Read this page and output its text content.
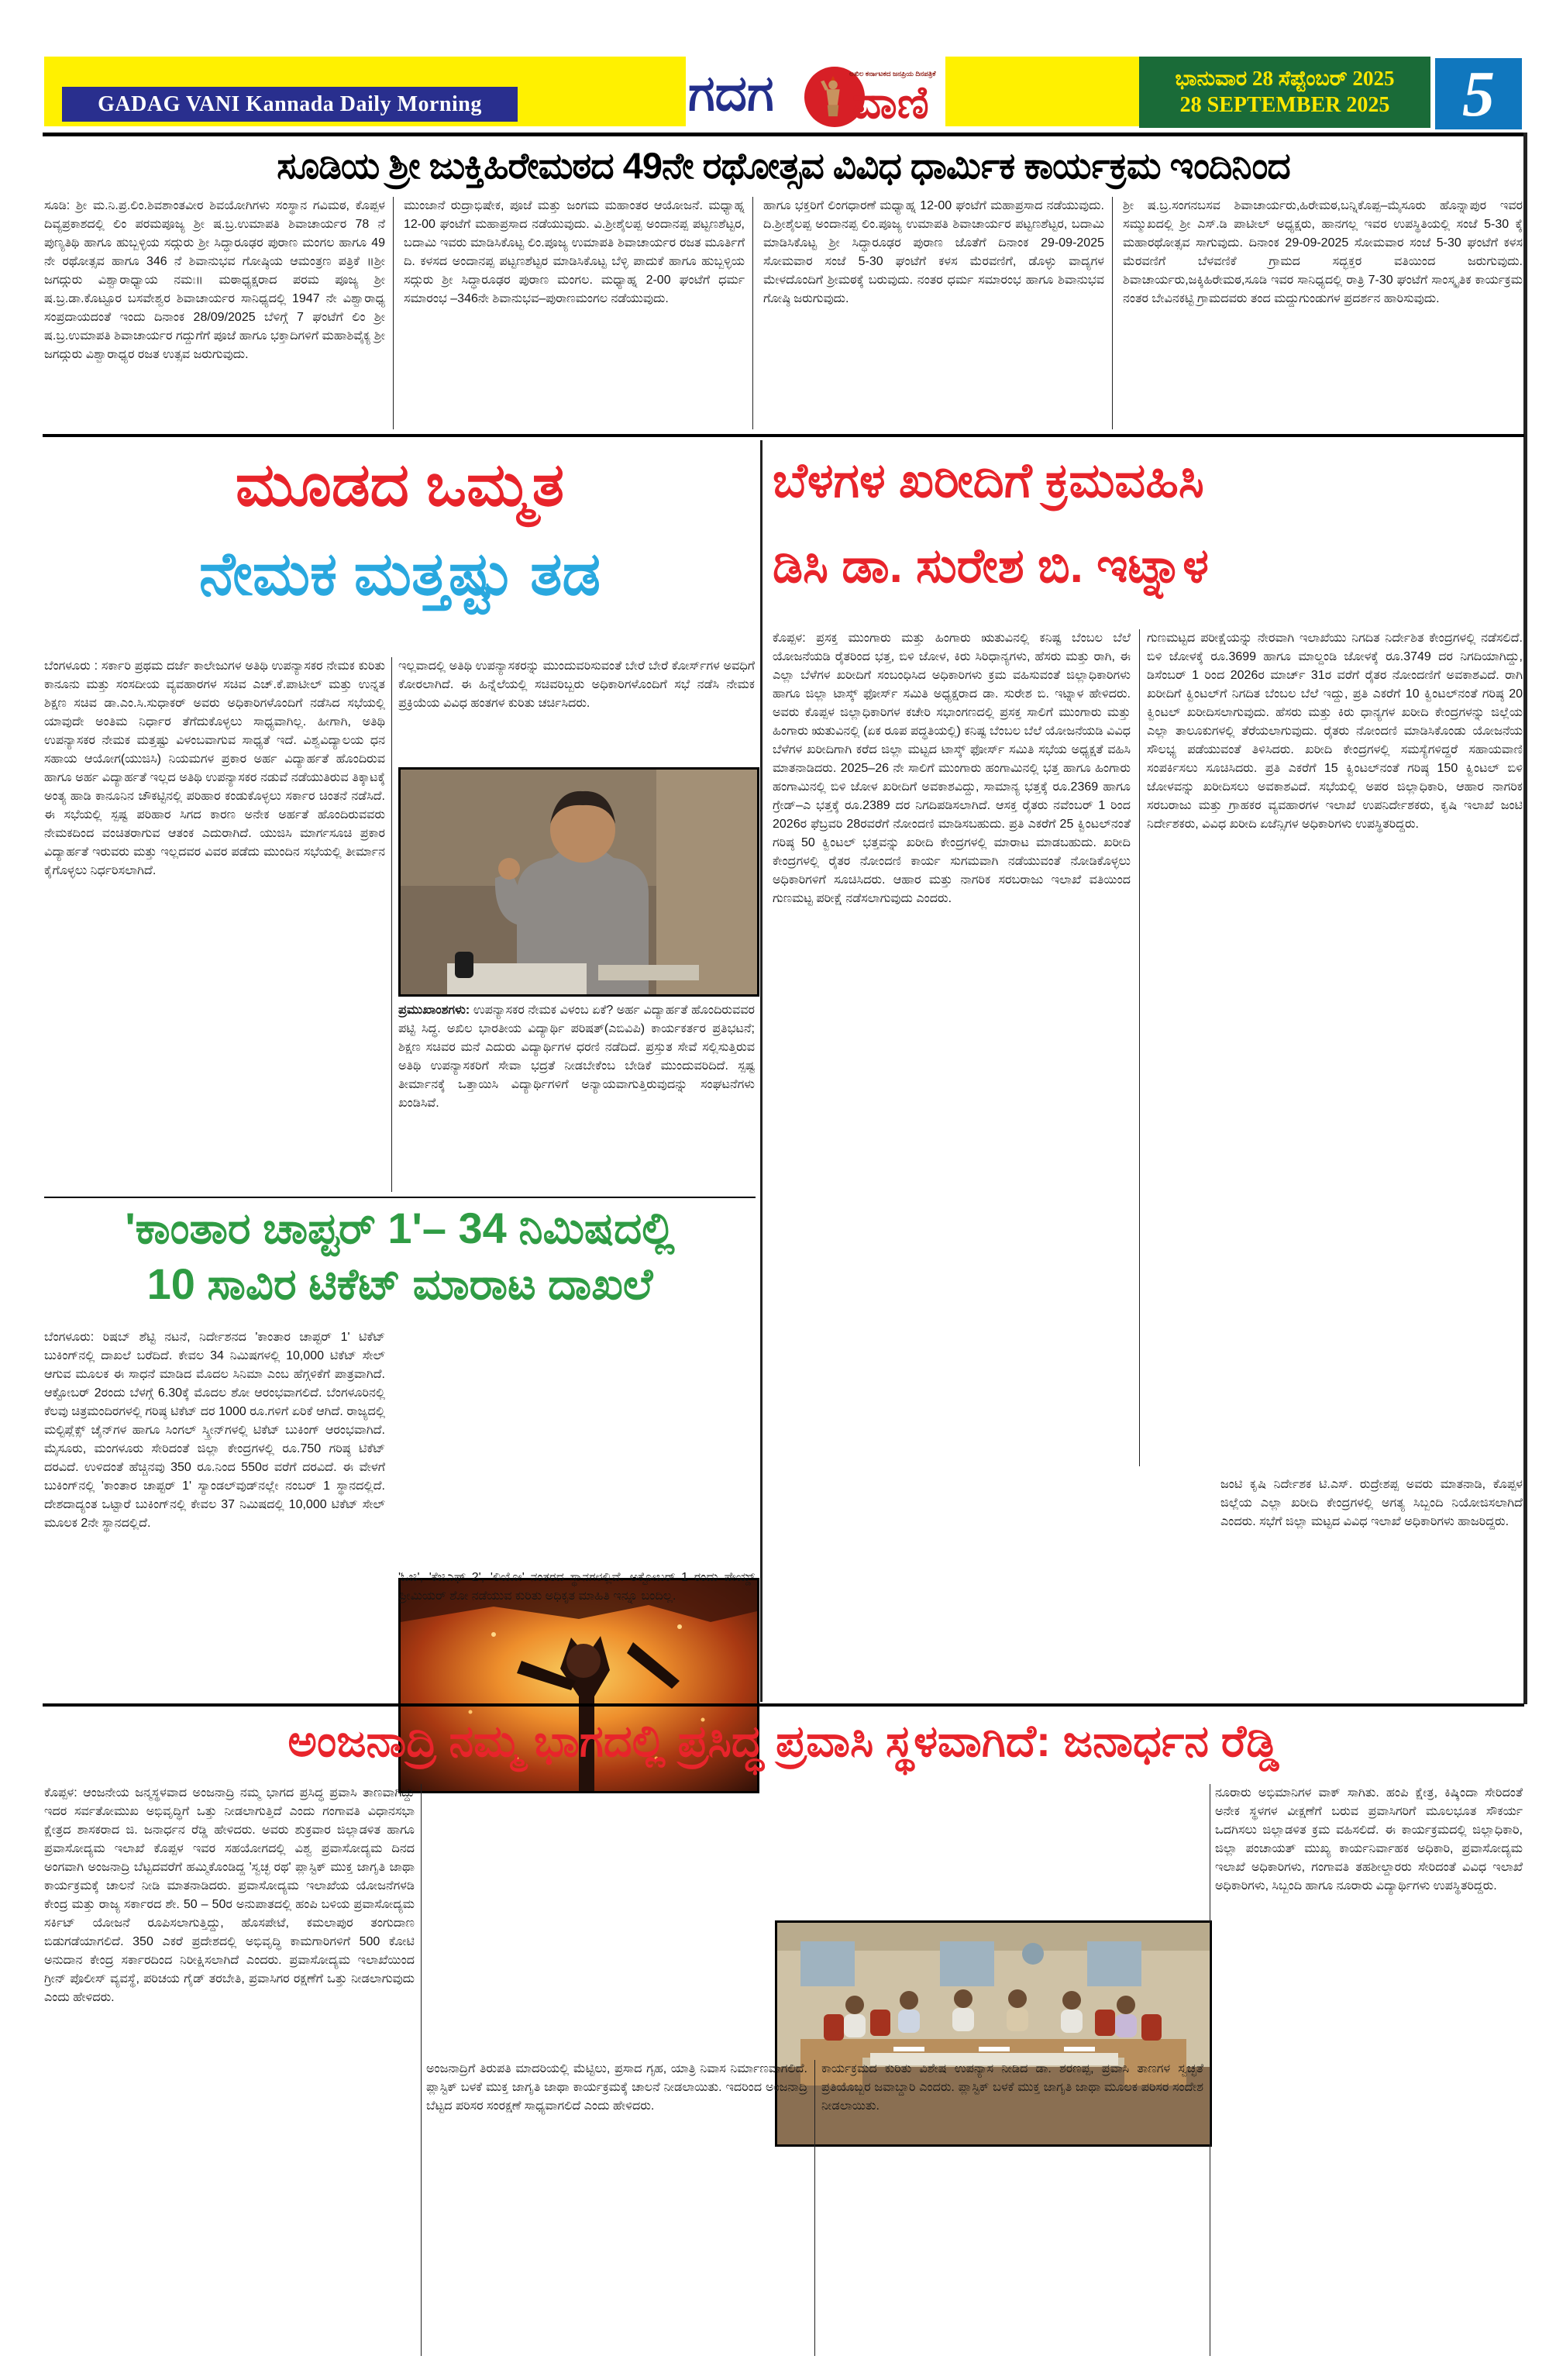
GADAG VANI Kannada Daily Morning	ಗದಗ	ಅಖಿಲ ಕರ್ನಾಟಕದ ಜನಪ್ರಿಯ ದಿನಪತ್ರಿಕೆ
ವಾಣಿ	ಭಾನುವಾರ 28 ಸೆಪ್ಟೆಂಬರ್ 2025
28 SEPTEMBER 2025 5
ಸೂಡಿಯ ಶ್ರೀ ಜುಕ್ತಿಹಿರೇಮಠದ 49ನೇ ರಥೋತ್ಸವ ವಿವಿಧ ಧಾರ್ಮಿಕ ಕಾರ್ಯಕ್ರಮ ಇಂದಿನಿಂದ
ಸೂಡಿ: ಶ್ರೀ ಮ.ನಿ.ಪ್ರ.ಲಿಂ.ಶಿವಶಾಂತವೀರ ಶಿವಯೋಗಿಗಳು ಸಂಸ್ಥಾನ ಗವಿಮಠ, ಕೊಪ್ಪಳ ದಿವ್ಯಪ್ರಕಾಶದಲ್ಲಿ ಲಿಂ ಪರಮಪೂಜ್ಯ ಶ್ರೀ ಷ.ಬ್ರ.ಉಮಾಪತಿ ಶಿವಾಚಾರ್ಯರ 78 ನೆ ಪುಣ್ಯತಿಥಿ ಹಾಗೂ ಹುಬ್ಬಳ್ಳಿಯ ಸದ್ಗುರು ಶ್ರೀ ಸಿದ್ಧಾರೂಢರ ಪುರಾಣ ಮಂಗಲ ಹಾಗೂ 49 ನೇ ರಥೋತ್ಸವ ಹಾಗೂ 346 ನೆ ಶಿವಾನುಭವ ಗೋಷ್ಠಿಯ ಆಮಂತ್ರಣ ಪತ್ರಿಕೆ ॥ಶ್ರೀ ಜಗದ್ಗುರು ವಿಶ್ವಾರಾಧ್ಯಾಯ ನಮಃ॥ ಮಠಾಧ್ಯಕ್ಷರಾದ ಪರಮ ಪೂಜ್ಯ ಶ್ರೀ ಷ.ಬ್ರ.ಡಾ.ಕೊಟ್ಟೂರ ಬಸವೇಶ್ವರ ಶಿವಾಚಾರ್ಯರ ಸಾನಿಧ್ಯದಲ್ಲಿ 1947 ನೇ ವಿಶ್ವಾರಾಧ್ಯ ಸಂಪ್ರದಾಯದಂತೆ ಇಂದು ದಿನಾಂಕ 28/09/2025 ಬೆಳಿಗ್ಗೆ 7 ಘಂಟೆಗೆ ಲಿಂ ಶ್ರೀ ಷ.ಬ್ರ.ಉಮಾಪತಿ ಶಿವಾಚಾರ್ಯರ ಗದ್ದುಗೆಗೆ ಪೂಜೆ ಹಾಗೂ ಭಕ್ತಾದಿಗಳಿಗೆ ಮಹಾಶಿವೈಕ್ಯ ಶ್ರೀ ಜಗದ್ಗುರು ವಿಶ್ವಾರಾಧ್ಯರ ರಜತ ಉತ್ಸವ ಜರುಗುವುದು.
ಮುಂಜಾನೆ ರುದ್ರಾಭಿಷೇಕ, ಪೂಜೆ ಮತ್ತು ಜಂಗಮ ಮಹಾಂತರ ಆಯೋಜನೆ. ಮಧ್ಯಾಹ್ನ 12-00 ಘಂಟೆಗೆ ಮಹಾಪ್ರಸಾದ ನಡೆಯುವುದು. ವಿ.ಶ್ರೀಶೈಲಪ್ಪ ಅಂದಾನಪ್ಪ ಪಟ್ಟಣಶೆಟ್ಟರ, ಬದಾಮಿ ಇವರು ಮಾಡಿಸಿಕೊಟ್ಟ ಲಿಂ.ಪೂಜ್ಯ ಉಮಾಪತಿ ಶಿವಾಚಾರ್ಯರ ರಜತ ಮೂರ್ತಿಗೆ ದಿ. ಕಳಸದ ಅಂದಾನಪ್ಪ ಪಟ್ಟಣಶೆಟ್ಟರ ಮಾಡಿಸಿಕೊಟ್ಟ ಬೆಳ್ಳಿ ಪಾದುಕೆ ಹಾಗೂ ಹುಬ್ಬಳ್ಳಿಯ ಸದ್ಗುರು ಶ್ರೀ ಸಿದ್ಧಾರೂಢರ ಪುರಾಣ ಮಂಗಲ. ಮಧ್ಯಾಹ್ನ 2-00 ಘಂಟೆಗೆ ಧರ್ಮ ಸಮಾರಂಭ –346ನೇ ಶಿವಾನುಭವ–ಪುರಾಣಮಂಗಲ ನಡೆಯುವುದು.
ಹಾಗೂ ಭಕ್ತರಿಗೆ ಲಿಂಗಧಾರಣೆ ಮಧ್ಯಾಹ್ನ 12-00 ಘಂಟೆಗೆ ಮಹಾಪ್ರಸಾದ ನಡೆಯುವುದು. ದಿ.ಶ್ರೀಶೈಲಪ್ಪ ಅಂದಾನಪ್ಪ ಲಿಂ.ಪೂಜ್ಯ ಉಮಾಪತಿ ಶಿವಾಚಾರ್ಯರ ಪಟ್ಟಣಶೆಟ್ಟರ, ಬದಾಮಿ ಮಾಡಿಸಿಕೊಟ್ಟ ಶ್ರೀ ಸಿದ್ಧಾರೂಢರ ಪುರಾಣ ಜೊತೆಗೆ ದಿನಾಂಕ 29-09-2025 ಸೋಮವಾರ ಸಂಜೆ 5-30 ಘಂಟೆಗೆ ಕಳಸ ಮೆರವಣಿಗೆ, ಡೊಳ್ಳು ವಾದ್ಯಗಳ ಮೇಳದೊಂದಿಗೆ ಶ್ರೀಮಠಕ್ಕೆ ಬರುವುದು. ನಂತರ ಧರ್ಮ ಸಮಾರಂಭ ಹಾಗೂ ಶಿವಾನುಭವ ಗೋಷ್ಠಿ ಜರುಗುವುದು.
ಶ್ರೀ ಷ.ಬ್ರ.ಸಂಗನಬಸವ ಶಿವಾಚಾರ್ಯರು,ಹಿರೇಮಠ,ಬನ್ನಿಕೊಪ್ಪ–ಮೈಸೂರು ಹೊನ್ನಾಪುರ ಇವರ ಸಮ್ಮುಖದಲ್ಲಿ ಶ್ರೀ ಎಸ್.ಡಿ ಪಾಟೀಲ್ ಅಧ್ಯಕ್ಷರು, ಹಾನಗಲ್ಲ ಇವರ ಉಪಸ್ಥಿತಿಯಲ್ಲಿ ಸಂಜೆ 5-30 ಕ್ಕೆ ಮಹಾರಥೋತ್ಸವ ಸಾಗುವುದು. ದಿನಾಂಕ 29-09-2025 ಸೋಮವಾರ ಸಂಜೆ 5-30 ಘಂಟೆಗೆ ಕಳಸ ಮೆರವಣಿಗೆ ಬೆಳವಣಿಕೆ ಗ್ರಾಮದ ಸದ್ಭಕ್ತರ ವತಿಯಿಂದ ಜರುಗುವುದು. ಶಿವಾಚಾರ್ಯರು,ಜಕ್ಕಿಹಿರೇಮಠ,ಸೂಡಿ ಇವರ ಸಾನಿಧ್ಯದಲ್ಲಿ ರಾತ್ರಿ 7-30 ಘಂಟೆಗೆ ಸಾಂಸ್ಕೃತಿಕ ಕಾರ್ಯಕ್ರಮ ನಂತರ ಬೇವಿನಕಟ್ಟಿ ಗ್ರಾಮದವರು ತಂದ ಮದ್ದುಗುಂಡುಗಳ ಪ್ರದರ್ಶನ ಹಾರಿಸುವುದು.
ಮೂಡದ ಒಮ್ಮತ
ನೇಮಕ ಮತ್ತಷ್ಟು ತಡ
ಬೆಂಗಳೂರು : ಸರ್ಕಾರಿ ಪ್ರಥಮ ದರ್ಜೆ ಕಾಲೇಜುಗಳ ಅತಿಥಿ ಉಪನ್ಯಾಸಕರ ನೇಮಕ ಕುರಿತು ಕಾನೂನು ಮತ್ತು ಸಂಸದೀಯ ವ್ಯವಹಾರಗಳ ಸಚಿವ ಎಚ್.ಕೆ.ಪಾಟೀಲ್ ಮತ್ತು ಉನ್ನತ ಶಿಕ್ಷಣ ಸಚಿವ ಡಾ.ಎಂ.ಸಿ.ಸುಧಾಕರ್ ಅವರು ಅಧಿಕಾರಿಗಳೊಂದಿಗೆ ನಡೆಸಿದ ಸಭೆಯಲ್ಲಿ ಯಾವುದೇ ಅಂತಿಮ ನಿರ್ಧಾರ ತೆಗೆದುಕೊಳ್ಳಲು ಸಾಧ್ಯವಾಗಿಲ್ಲ. ಹೀಗಾಗಿ, ಅತಿಥಿ ಉಪನ್ಯಾಸಕರ ನೇಮಕ ಮತ್ತಷ್ಟು ವಿಳಂಬವಾಗುವ ಸಾಧ್ಯತೆ ಇದೆ. ವಿಶ್ವವಿದ್ಯಾಲಯ ಧನ ಸಹಾಯ ಆಯೋಗ(ಯುಜಿಸಿ) ನಿಯಮಗಳ ಪ್ರಕಾರ ಅರ್ಹ ವಿದ್ಯಾರ್ಹತೆ ಹೊಂದಿರುವ ಹಾಗೂ ಅರ್ಹ ವಿದ್ಯಾರ್ಹತೆ ಇಲ್ಲದ ಅತಿಥಿ ಉಪನ್ಯಾಸಕರ ನಡುವೆ ನಡೆಯುತಿರುವ ತಿಕ್ಕಾಟಕ್ಕೆ ಅಂತ್ಯ ಹಾಡಿ ಕಾನೂನಿನ ಚೌಕಟ್ಟಿನಲ್ಲಿ ಪರಿಹಾರ ಕಂಡುಕೊಳ್ಳಲು ಸರ್ಕಾರ ಚಿಂತನೆ ನಡೆಸಿದೆ. ಈ ಸಭೆಯಲ್ಲಿ ಸ್ಪಷ್ಟ ಪರಿಹಾರ ಸಿಗದ ಕಾರಣ ಅನೇಕ ಅರ್ಹತೆ ಹೊಂದಿರುವವರು ನೇಮಕದಿಂದ ವಂಚಿತರಾಗುವ ಆತಂಕ ಎದುರಾಗಿದೆ. ಯುಜಿಸಿ ಮಾರ್ಗಸೂಚಿ ಪ್ರಕಾರ ವಿದ್ಯಾರ್ಹತೆ ಇರುವರು ಮತ್ತು ಇಲ್ಲದವರ ವಿವರ ಪಡೆದು ಮುಂದಿನ ಸಭೆಯಲ್ಲಿ ತೀರ್ಮಾನ ಕೈಗೊಳ್ಳಲು ನಿರ್ಧರಿಸಲಾಗಿದೆ.
ಇಲ್ಲವಾದಲ್ಲಿ ಅತಿಥಿ ಉಪನ್ಯಾಸಕರನ್ನು ಮುಂದುವರಿಸುವಂತೆ ಬೇರೆ ಬೇರೆ ಕೋರ್ಸ್‌ಗಳ ಅವಧಿಗೆ ಕೋರಲಾಗಿದೆ. ಈ ಹಿನ್ನೆಲೆಯಲ್ಲಿ ಸಚಿವರಿಬ್ಬರು ಅಧಿಕಾರಿಗಳೊಂದಿಗೆ ಸಭೆ ನಡೆಸಿ ನೇಮಕ ಪ್ರಕ್ರಿಯೆಯ ವಿವಿಧ ಹಂತಗಳ ಕುರಿತು ಚರ್ಚಿಸಿದರು.
ಪ್ರಮುಖಾಂಶಗಳು: ಉಪನ್ಯಾಸಕರ ನೇಮಕ ವಿಳಂಬ ಏಕೆ? ಅರ್ಹ ವಿದ್ಯಾರ್ಹತೆ ಹೊಂದಿರುವವರ ಪಟ್ಟಿ ಸಿದ್ಧ. ಅಖಿಲ ಭಾರತೀಯ ವಿದ್ಯಾರ್ಥಿ ಪರಿಷತ್(ಎಬಿವಿಪಿ) ಕಾರ್ಯಕರ್ತರ ಪ್ರತಿಭಟನೆ; ಶಿಕ್ಷಣ ಸಚಿವರ ಮನೆ ಎದುರು ವಿದ್ಯಾರ್ಥಿಗಳ ಧರಣಿ ನಡೆದಿದೆ. ಪ್ರಸ್ತುತ ಸೇವೆ ಸಲ್ಲಿಸುತ್ತಿರುವ ಅತಿಥಿ ಉಪನ್ಯಾಸಕರಿಗೆ ಸೇವಾ ಭದ್ರತೆ ನೀಡಬೇಕೆಂಬ ಬೇಡಿಕೆ ಮುಂದುವರಿದಿದೆ. ಸ್ಪಷ್ಟ ತೀರ್ಮಾನಕ್ಕೆ ಒತ್ತಾಯಿಸಿ ವಿದ್ಯಾರ್ಥಿಗಳಿಗೆ ಅನ್ಯಾಯವಾಗುತ್ತಿರುವುದನ್ನು ಸಂಘಟನೆಗಳು ಖಂಡಿಸಿವೆ.
'ಕಾಂತಾರ ಚಾಪ್ಟರ್ 1'– 34 ನಿಮಿಷದಲ್ಲಿ
10 ಸಾವಿರ ಟಿಕೆಟ್ ಮಾರಾಟ ದಾಖಲೆ
ಬೆಂಗಳೂರು: ರಿಷಬ್ ಶೆಟ್ಟಿ ನಟನೆ, ನಿರ್ದೇಶನದ 'ಕಾಂತಾರ ಚಾಪ್ಟರ್ 1' ಟಿಕೆಟ್ ಬುಕಿಂಗ್‌ನಲ್ಲಿ ದಾಖಲೆ ಬರೆದಿದೆ. ಕೇವಲ 34 ನಿಮಿಷಗಳಲ್ಲಿ 10,000 ಟಿಕೆಟ್ ಸೇಲ್ ಆಗುವ ಮೂಲಕ ಈ ಸಾಧನೆ ಮಾಡಿದ ಮೊದಲ ಸಿನಿಮಾ ಎಂಬ ಹೆಗ್ಗಳಿಕೆಗೆ ಪಾತ್ರವಾಗಿದೆ. ಆಕ್ಟೋಬರ್ 2ರಂದು ಬೆಳಗ್ಗೆ 6.30ಕ್ಕೆ ಮೊದಲ ಶೋ ಆರಂಭವಾಗಲಿದೆ. ಬೆಂಗಳೂರಿನಲ್ಲಿ ಕೆಲವು ಚಿತ್ರಮಂದಿರಗಳಲ್ಲಿ ಗರಿಷ್ಠ ಟಿಕೆಟ್ ದರ 1000 ರೂ.ಗಳಿಗೆ ಏರಿಕೆ ಆಗಿದೆ. ರಾಜ್ಯದಲ್ಲಿ ಮಲ್ಟಿಪ್ಲೆಕ್ಸ್ ಚೈನ್‌ಗಳ ಹಾಗೂ ಸಿಂಗಲ್ ಸ್ಕ್ರೀನ್‌ಗಳಲ್ಲಿ ಟಿಕೆಟ್ ಬುಕಿಂಗ್ ಆರಂಭವಾಗಿದೆ. ಮೈಸೂರು, ಮಂಗಳೂರು ಸೇರಿದಂತೆ ಜಿಲ್ಲಾ ಕೇಂದ್ರಗಳಲ್ಲಿ ರೂ.750 ಗರಿಷ್ಠ ಟಿಕೆಟ್ ದರವಿದೆ. ಉಳಿದಂತೆ ಹೆಚ್ಚಿನವು 350 ರೂ.ನಿಂದ 550ರ ವರೆಗೆ ದರವಿದೆ. ಈ ವೇಳಗೆ ಬುಕಿಂಗ್‌ನಲ್ಲಿ 'ಕಾಂತಾರ ಚಾಪ್ಟರ್ 1' ಸ್ಯಾಂಡಲ್‌ವುಡ್‌ನಲ್ಲೇ ನಂಬರ್ 1 ಸ್ಥಾನದಲ್ಲಿದೆ. ದೇಶದಾದ್ಯಂತ ಒಟ್ಟಾರೆ ಬುಕಿಂಗ್‌ನಲ್ಲಿ ಕೇವಲ 37 ನಿಮಿಷದಲ್ಲಿ 10,000 ಟಿಕೆಟ್ ಸೇಲ್ ಮೂಲಕ 2ನೇ ಸ್ಥಾನದಲ್ಲಿದೆ.
'ಓಜಿ', 'ಕೆಜಿಎಫ್ 2', 'ಲಿಯೋ' ನಂತರದ ಸ್ಥಾನಗಳಲ್ಲಿವೆ. ಅಕ್ಟೋಬರ್ 1 ರಂದು ಪೇಯ್ಡ್ ಪ್ರೀಮಿಯರ್ ಶೋ ನಡೆಯುವ ಕುರಿತು ಅಧಿಕೃತ ಮಾಹಿತಿ ಇನ್ನೂ ಬಂದಿಲ್ಲ.
ಬೆಳಗಳ ಖರೀದಿಗೆ ಕ್ರಮವಹಿಸಿ
ಡಿಸಿ ಡಾ. ಸುರೇಶ ಬಿ. ಇಟ್ನಾಳ
ಕೊಪ್ಪಳ: ಪ್ರಸಕ್ತ ಮುಂಗಾರು ಮತ್ತು ಹಿಂಗಾರು ಋತುವಿನಲ್ಲಿ ಕನಿಷ್ಟ ಬೆಂಬಲ ಬೆಲೆ ಯೋಜನೆಯಡಿ ರೈತರಿಂದ ಭತ್ತ, ಬಿಳಿ ಜೋಳ, ಕಿರು ಸಿರಿಧಾನ್ಯಗಳು, ಹೆಸರು ಮತ್ತು ರಾಗಿ, ಈ ಎಲ್ಲಾ ಬೆಳೆಗಳ ಖರೀದಿಗೆ ಸಂಬಂಧಿಸಿದ ಅಧಿಕಾರಿಗಳು ಕ್ರಮ ವಹಿಸುವಂತೆ ಜಿಲ್ಲಾಧಿಕಾರಿಗಳು ಹಾಗೂ ಜಿಲ್ಲಾ ಟಾಸ್ಕ್ ಫೋರ್ಸ್ ಸಮಿತಿ ಅಧ್ಯಕ್ಷರಾದ ಡಾ. ಸುರೇಶ ಬಿ. ಇಟ್ನಾಳ ಹೇಳಿದರು. ಅವರು ಕೊಪ್ಪಳ ಜಿಲ್ಲಾಧಿಕಾರಿಗಳ ಕಚೇರಿ ಸಭಾಂಗಣದಲ್ಲಿ ಪ್ರಸಕ್ತ ಸಾಲಿಗೆ ಮುಂಗಾರು ಮತ್ತು ಹಿಂಗಾರು ಋತುವಿನಲ್ಲಿ (ಏಕ ರೂಪ ಪದ್ಧತಿಯಲ್ಲಿ) ಕನಿಷ್ಟ ಬೆಂಬಲ ಬೆಲೆ ಯೋಜನೆಯಡಿ ವಿವಿಧ ಬೆಳೆಗಳ ಖರೀದಿಗಾಗಿ ಕರೆದ ಜಿಲ್ಲಾ ಮಟ್ಟದ ಟಾಸ್ಕ್ ಫೋರ್ಸ್ ಸಮಿತಿ ಸಭೆಯ ಅಧ್ಯಕ್ಷತೆ ವಹಿಸಿ ಮಾತನಾಡಿದರು. 2025–26 ನೇ ಸಾಲಿಗೆ ಮುಂಗಾರು ಹಂಗಾಮಿನಲ್ಲಿ ಭತ್ತ ಹಾಗೂ ಹಿಂಗಾರು ಹಂಗಾಮಿನಲ್ಲಿ ಬಿಳಿ ಜೋಳ ಖರೀದಿಗೆ ಅವಕಾಶವಿದ್ದು, ಸಾಮಾನ್ಯ ಭತ್ತಕ್ಕೆ ರೂ.2369 ಹಾಗೂ ಗ್ರೇಡ್–ಎ ಭತ್ತಕ್ಕೆ ರೂ.2389 ದರ ನಿಗದಿಪಡಿಸಲಾಗಿದೆ. ಆಸಕ್ತ ರೈತರು ನವೆಂಬರ್ 1 ರಿಂದ 2026ರ ಫೆಬ್ರವರಿ 28ರವರೆಗೆ ನೋಂದಣಿ ಮಾಡಿಸಬಹುದು. ಪ್ರತಿ ಎಕರೆಗೆ 25 ಕ್ವಿಂಟಲ್‌ನಂತೆ ಗರಿಷ್ಠ 50 ಕ್ವಿಂಟಲ್ ಭತ್ತವನ್ನು ಖರೀದಿ ಕೇಂದ್ರಗಳಲ್ಲಿ ಮಾರಾಟ ಮಾಡಬಹುದು. ಖರೀದಿ ಕೇಂದ್ರಗಳಲ್ಲಿ ರೈತರ ನೋಂದಣಿ ಕಾರ್ಯ ಸುಗಮವಾಗಿ ನಡೆಯುವಂತೆ ನೋಡಿಕೊಳ್ಳಲು ಅಧಿಕಾರಿಗಳಿಗೆ ಸೂಚಿಸಿದರು. ಆಹಾರ ಮತ್ತು ನಾಗರಿಕ ಸರಬರಾಜು ಇಲಾಖೆ ವತಿಯಿಂದ ಗುಣಮಟ್ಟ ಪರೀಕ್ಷೆ ನಡೆಸಲಾಗುವುದು ಎಂದರು.
ಗುಣಮಟ್ಟದ ಪರೀಕ್ಷೆಯನ್ನು ನೇರವಾಗಿ ಇಲಾಖೆಯು ನಿಗದಿತ ನಿರ್ದೇಶಿತ ಕೇಂದ್ರಗಳಲ್ಲಿ ನಡೆಸಲಿದೆ. ಬಿಳಿ ಜೋಳಕ್ಕೆ ರೂ.3699 ಹಾಗೂ ಮಾಲ್ದಂಡಿ ಜೋಳಕ್ಕೆ ರೂ.3749 ದರ ನಿಗದಿಯಾಗಿದ್ದು, ಡಿಸೆಂಬರ್ 1 ರಿಂದ 2026ರ ಮಾರ್ಚ್ 31ರ ವರೆಗೆ ರೈತರ ನೋಂದಣಿಗೆ ಅವಕಾಶವಿದೆ. ರಾಗಿ ಖರೀದಿಗೆ ಕ್ವಿಂಟಲ್‌ಗೆ ನಿಗದಿತ ಬೆಂಬಲ ಬೆಲೆ ಇದ್ದು, ಪ್ರತಿ ಎಕರೆಗೆ 10 ಕ್ವಿಂಟಲ್‌ನಂತೆ ಗರಿಷ್ಠ 20 ಕ್ವಿಂಟಲ್ ಖರೀದಿಸಲಾಗುವುದು. ಹೆಸರು ಮತ್ತು ಕಿರು ಧಾನ್ಯಗಳ ಖರೀದಿ ಕೇಂದ್ರಗಳನ್ನು ಜಿಲ್ಲೆಯ ಎಲ್ಲಾ ತಾಲೂಕುಗಳಲ್ಲಿ ತೆರೆಯಲಾಗುವುದು. ರೈತರು ನೋಂದಣಿ ಮಾಡಿಸಿಕೊಂಡು ಯೋಜನೆಯ ಸೌಲಭ್ಯ ಪಡೆಯುವಂತೆ ತಿಳಿಸಿದರು. ಖರೀದಿ ಕೇಂದ್ರಗಳಲ್ಲಿ ಸಮಸ್ಯೆಗಳಿದ್ದರೆ ಸಹಾಯವಾಣಿ ಸಂಪರ್ಕಿಸಲು ಸೂಚಿಸಿದರು. ಪ್ರತಿ ಎಕರೆಗೆ 15 ಕ್ವಿಂಟಲ್‌ನಂತೆ ಗರಿಷ್ಠ 150 ಕ್ವಿಂಟಲ್ ಬಿಳಿ ಜೋಳವನ್ನು ಖರೀದಿಸಲು ಅವಕಾಶವಿದೆ. ಸಭೆಯಲ್ಲಿ ಅಪರ ಜಿಲ್ಲಾಧಿಕಾರಿ, ಆಹಾರ ನಾಗರಿಕ ಸರಬರಾಜು ಮತ್ತು ಗ್ರಾಹಕರ ವ್ಯವಹಾರಗಳ ಇಲಾಖೆ ಉಪನಿರ್ದೇಶಕರು, ಕೃಷಿ ಇಲಾಖೆ ಜಂಟಿ ನಿರ್ದೇಶಕರು, ವಿವಿಧ ಖರೀದಿ ಏಜೆನ್ಸಿಗಳ ಅಧಿಕಾರಿಗಳು ಉಪಸ್ಥಿತರಿದ್ದರು.
ಜಂಟಿ ಕೃಷಿ ನಿರ್ದೇಶಕ ಟಿ.ಎಸ್. ರುದ್ರೇಶಪ್ಪ ಅವರು ಮಾತನಾಡಿ, ಕೊಪ್ಪಳ ಜಿಲ್ಲೆಯ ಎಲ್ಲಾ ಖರೀದಿ ಕೇಂದ್ರಗಳಲ್ಲಿ ಅಗತ್ಯ ಸಿಬ್ಬಂದಿ ನಿಯೋಜಿಸಲಾಗಿದೆ ಎಂದರು. ಸಭೆಗೆ ಜಿಲ್ಲಾ ಮಟ್ಟದ ವಿವಿಧ ಇಲಾಖೆ ಅಧಿಕಾರಿಗಳು ಹಾಜರಿದ್ದರು.
ಅಂಜನಾದ್ರಿ ನಮ್ಮ ಭಾಗದಲ್ಲಿ ಪ್ರಸಿದ್ಧ ಪ್ರವಾಸಿ ಸ್ಥಳವಾಗಿದೆ: ಜನಾರ್ಧನ ರೆಡ್ಡಿ
ಕೊಪ್ಪಳ: ಆಂಜನೇಯ ಜನ್ಮಸ್ಥಳವಾದ ಅಂಜನಾದ್ರಿ ನಮ್ಮ ಭಾಗದ ಪ್ರಸಿದ್ಧ ಪ್ರವಾಸಿ ತಾಣವಾಗಿದ್ದು ಇದರ ಸರ್ವತೋಮುಖ ಅಭಿವೃದ್ಧಿಗೆ ಒತ್ತು ನೀಡಲಾಗುತ್ತಿದೆ ಎಂದು ಗಂಗಾವತಿ ವಿಧಾನಸಭಾ ಕ್ಷೇತ್ರದ ಶಾಸಕರಾದ ಜಿ. ಜನಾರ್ಧನ ರೆಡ್ಡಿ ಹೇಳಿದರು. ಅವರು ಶುಕ್ರವಾರ ಜಿಲ್ಲಾಡಳಿತ ಹಾಗೂ ಪ್ರವಾಸೋದ್ಯಮ ಇಲಾಖೆ ಕೊಪ್ಪಳ ಇವರ ಸಹಯೋಗದಲ್ಲಿ ವಿಶ್ವ ಪ್ರವಾಸೋದ್ಯಮ ದಿನದ ಅಂಗವಾಗಿ ಅಂಜನಾದ್ರಿ ಬೆಟ್ಟದವರೆಗೆ ಹಮ್ಮಿಕೊಂಡಿದ್ದ 'ಸ್ವಚ್ಛ ರಥ' ಪ್ಲಾಸ್ಟಿಕ್ ಮುಕ್ತ ಜಾಗೃತಿ ಜಾಥಾ ಕಾರ್ಯಕ್ರಮಕ್ಕೆ ಚಾಲನೆ ನೀಡಿ ಮಾತನಾಡಿದರು. ಪ್ರವಾಸೋದ್ಯಮ ಇಲಾಖೆಯ ಯೋಜನೆಗಳಡಿ ಕೇಂದ್ರ ಮತ್ತು ರಾಜ್ಯ ಸರ್ಕಾರದ ಶೇ. 50 – 50ರ ಅನುಪಾತದಲ್ಲಿ ಹಂಪಿ ಬಳಿಯ ಪ್ರವಾಸೋದ್ಯಮ ಸರ್ಕಿಟ್ ಯೋಜನೆ ರೂಪಿಸಲಾಗುತ್ತಿದ್ದು, ಹೊಸಪೇಟೆ, ಕಮಲಾಪುರ ತಂಗುದಾಣ ಬಿಡುಗಡೆಯಾಗಲಿದೆ. 350 ಎಕರೆ ಪ್ರದೇಶದಲ್ಲಿ ಅಭಿವೃದ್ಧಿ ಕಾಮಗಾರಿಗಳಿಗೆ 500 ಕೋಟಿ ಅನುದಾನ ಕೇಂದ್ರ ಸರ್ಕಾರದಿಂದ ನಿರೀಕ್ಷಿಸಲಾಗಿದೆ ಎಂದರು. ಪ್ರವಾಸೋದ್ಯಮ ಇಲಾಖೆಯಿಂದ ಗ್ರೀನ್ ಪೊಲೀಸ್ ವ್ಯವಸ್ಥೆ, ಪರಿಚಯ ಗೈಡ್ ತರಬೇತಿ, ಪ್ರವಾಸಿಗರ ರಕ್ಷಣೆಗೆ ಒತ್ತು ನೀಡಲಾಗುವುದು ಎಂದು ಹೇಳಿದರು.
ಅಂಜನಾದ್ರಿಗೆ ತಿರುಪತಿ ಮಾದರಿಯಲ್ಲಿ ಮೆಟ್ಟಿಲು, ಪ್ರಸಾದ ಗೃಹ, ಯಾತ್ರಿ ನಿವಾಸ ನಿರ್ಮಾಣವಾಗಲಿದೆ. ಪ್ಲಾಸ್ಟಿಕ್ ಬಳಕೆ ಮುಕ್ತ ಜಾಗೃತಿ ಜಾಥಾ ಕಾರ್ಯಕ್ರಮಕ್ಕೆ ಚಾಲನೆ ನೀಡಲಾಯಿತು. ಇದರಿಂದ ಅಂಜನಾದ್ರಿ ಬೆಟ್ಟದ ಪರಿಸರ ಸಂರಕ್ಷಣೆ ಸಾಧ್ಯವಾಗಲಿದೆ ಎಂದು ಹೇಳಿದರು.
ಕಾರ್ಯಕ್ರಮದ ಕುರಿತು ವಿಶೇಷ ಉಪನ್ಯಾಸ ನೀಡಿದ ಡಾ. ಶರಣಪ್ಪ, ಪ್ರವಾಸಿ ತಾಣಗಳ ಸ್ವಚ್ಛತೆ ಪ್ರತಿಯೊಬ್ಬರ ಜವಾಬ್ದಾರಿ ಎಂದರು. ಪ್ಲಾಸ್ಟಿಕ್ ಬಳಕೆ ಮುಕ್ತ ಜಾಗೃತಿ ಜಾಥಾ ಮೂಲಕ ಪರಿಸರ ಸಂದೇಶ ನೀಡಲಾಯಿತು.
ನೂರಾರು ಅಭಿಮಾನಿಗಳ ವಾಕ್ ಸಾಗಿತು. ಹಂಪಿ ಕ್ಷೇತ್ರ, ಕಿಷ್ಕಿಂದಾ ಸೇರಿದಂತೆ ಅನೇಕ ಸ್ಥಳಗಳ ವೀಕ್ಷಣೆಗೆ ಬರುವ ಪ್ರವಾಸಿಗರಿಗೆ ಮೂಲಭೂತ ಸೌಕರ್ಯ ಒದಗಿಸಲು ಜಿಲ್ಲಾಡಳಿತ ಕ್ರಮ ವಹಿಸಲಿದೆ. ಈ ಕಾರ್ಯಕ್ರಮದಲ್ಲಿ ಜಿಲ್ಲಾಧಿಕಾರಿ, ಜಿಲ್ಲಾ ಪಂಚಾಯತ್ ಮುಖ್ಯ ಕಾರ್ಯನಿರ್ವಾಹಕ ಅಧಿಕಾರಿ, ಪ್ರವಾಸೋದ್ಯಮ ಇಲಾಖೆ ಅಧಿಕಾರಿಗಳು, ಗಂಗಾವತಿ ತಹಶೀಲ್ದಾರರು ಸೇರಿದಂತೆ ವಿವಿಧ ಇಲಾಖೆ ಅಧಿಕಾರಿಗಳು, ಸಿಬ್ಬಂದಿ ಹಾಗೂ ನೂರಾರು ವಿದ್ಯಾರ್ಥಿಗಳು ಉಪಸ್ಥಿತರಿದ್ದರು.
